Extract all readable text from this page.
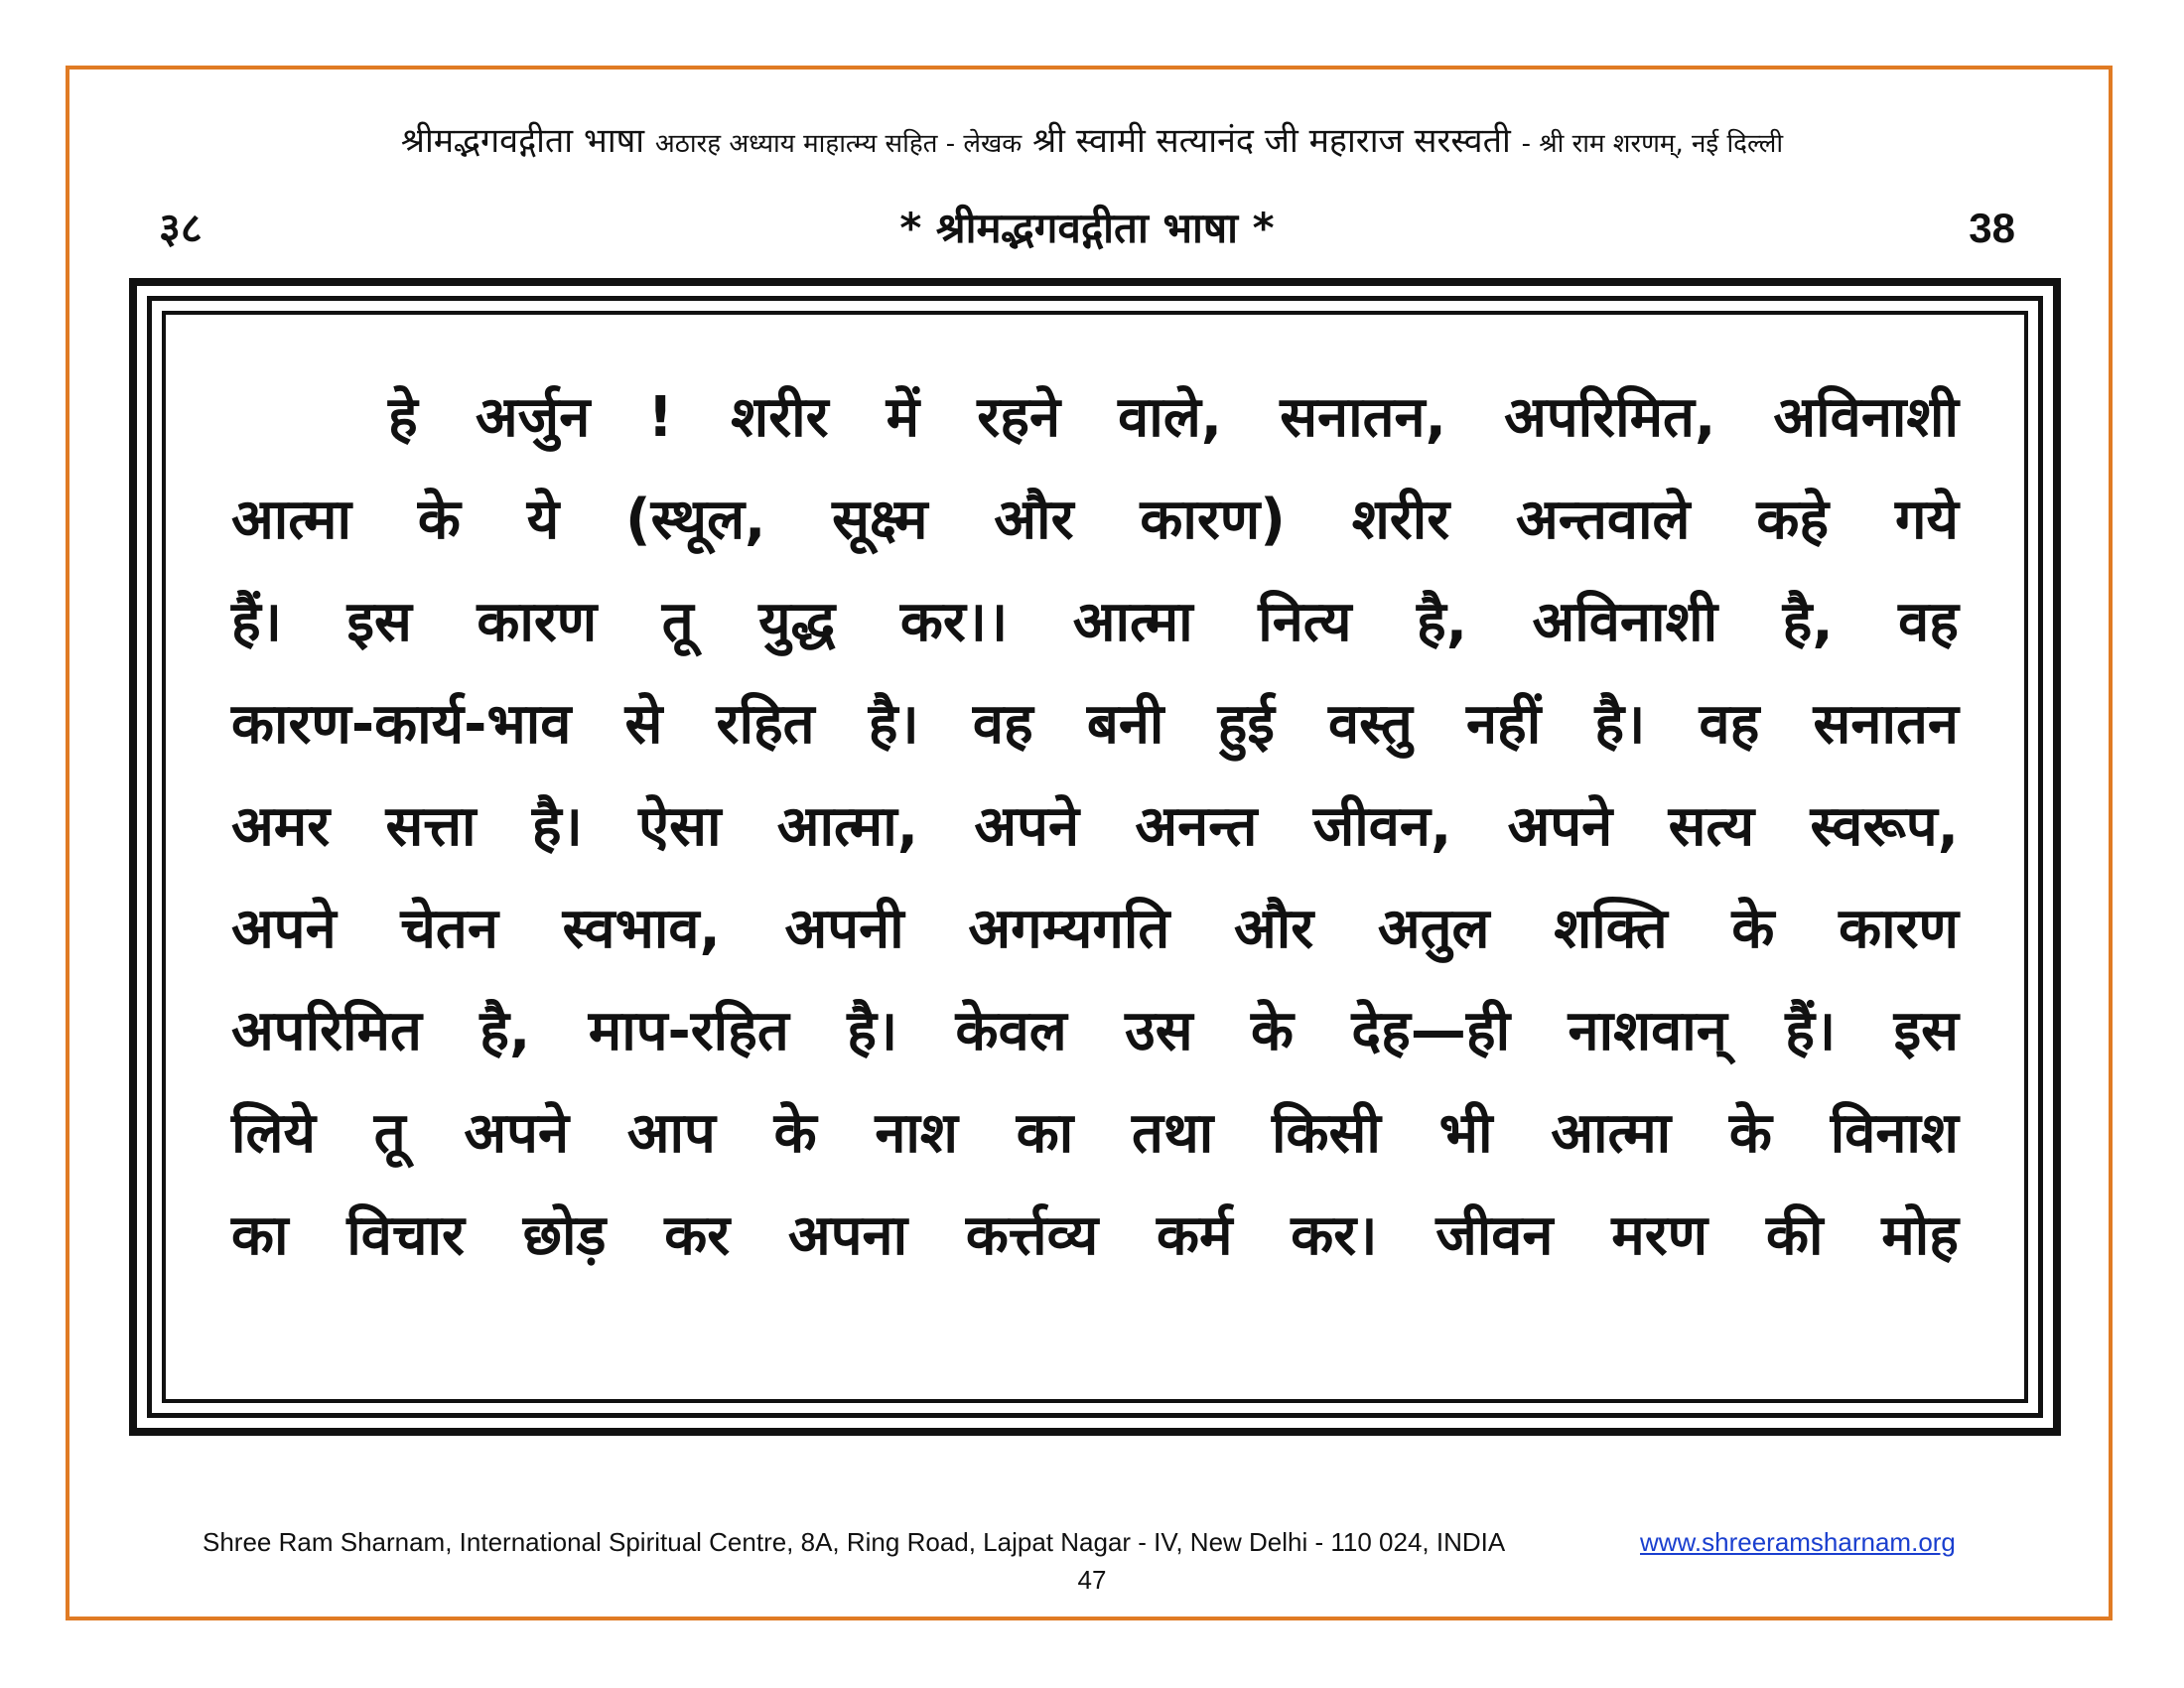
श्रीमद्भगवद्गीता भाषा अठारह अध्याय माहात्म्य सहित - लेखक श्री स्वामी सत्यानंद जी महाराज सरस्वती - श्री राम शरणम्, नई दिल्ली
३८	* श्रीमद्भगवद्गीता भाषा *	38
हे अर्जुन ! शरीर में रहने वाले, सनातन, अपरिमित, अविनाशी
आत्मा के ये (स्थूल, सूक्ष्म और कारण) शरीर अन्तवाले कहे गये
हैं। इस कारण तू युद्ध कर।। आत्मा नित्य है, अविनाशी है, वह
कारण-कार्य-भाव से रहित है। वह बनी हुई वस्तु नहीं है। वह सनातन
अमर सत्ता है। ऐसा आत्मा, अपने अनन्त जीवन, अपने सत्य स्वरूप,
अपने चेतन स्वभाव, अपनी अगम्यगति और अतुल शक्ति के कारण
अपरिमित है, माप-रहित है। केवल उस के देह—ही नाशवान् हैं। इस
लिये तू अपने आप के नाश का तथा किसी भी आत्मा के विनाश
का विचार छोड़ कर अपना कर्त्तव्य कर्म कर। जीवन मरण की मोह
Shree Ram Sharnam, International Spiritual Centre, 8A, Ring Road, Lajpat Nagar - IV, New Delhi - 110 024, INDIA	www.shreeramsharnam.org
47
